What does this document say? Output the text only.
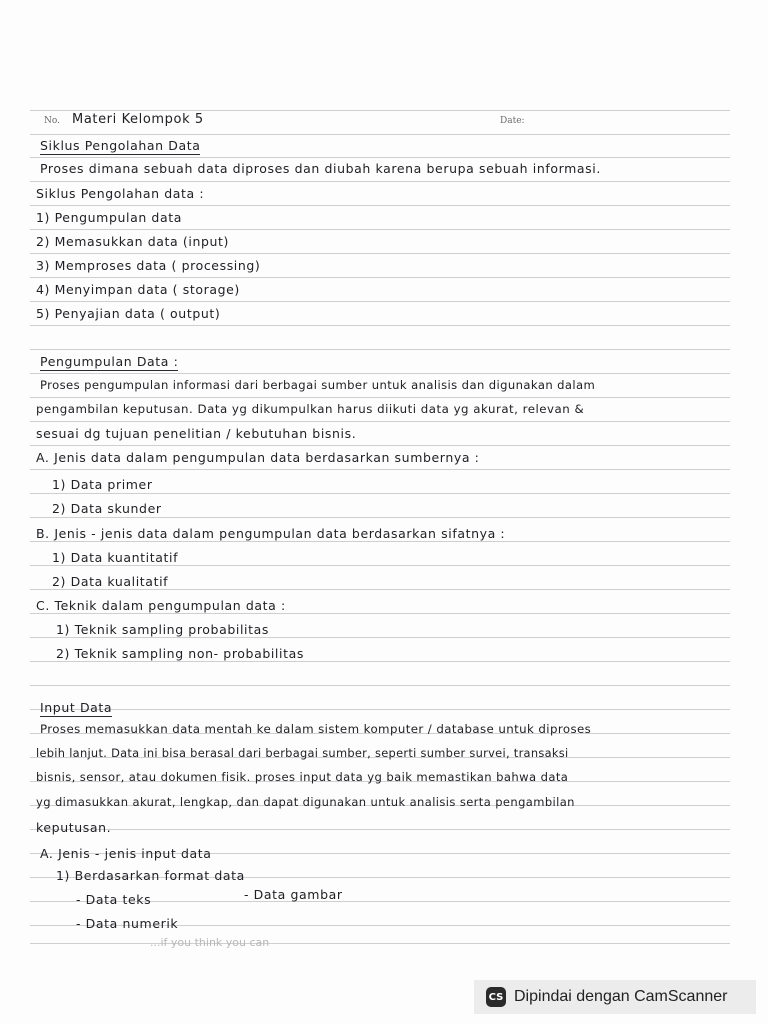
No. Materi Kelompok 5	Date:
Siklus Pengolahan Data
Proses dimana sebuah data diproses dan diubah karena berupa sebuah informasi.
Siklus Pengolahan data :
1) Pengumpulan data
2) Memasukkan data (input)
3) Memproses data ( processing)
4) Menyimpan data ( storage)
5) Penyajian data ( output)
Pengumpulan Data :
Proses pengumpulan informasi dari berbagai sumber untuk analisis dan digunakan dalam
pengambilan keputusan. Data yg dikumpulkan harus diikuti data yg akurat, relevan &
sesuai dg tujuan penelitian / kebutuhan bisnis.
A. Jenis data dalam pengumpulan data berdasarkan sumbernya :
1) Data primer
2) Data skunder
B. Jenis - jenis data dalam pengumpulan data berdasarkan sifatnya :
1) Data kuantitatif
2) Data kualitatif
C. Teknik dalam pengumpulan data :
1) Teknik sampling probabilitas
2) Teknik sampling non- probabilitas
Input Data
Proses memasukkan data mentah ke dalam sistem komputer / database untuk diproses
lebih lanjut. Data ini bisa berasal dari berbagai sumber, seperti sumber survei, transaksi
bisnis, sensor, atau dokumen fisik. proses input data yg baik memastikan bahwa data
yg dimasukkan akurat, lengkap, dan dapat digunakan untuk analisis serta pengambilan
keputusan.
A. Jenis - jenis input data
1) Berdasarkan format data
- Data teks	- Data gambar
- Data numerik
...if you think you can
CS Dipindai dengan CamScanner
